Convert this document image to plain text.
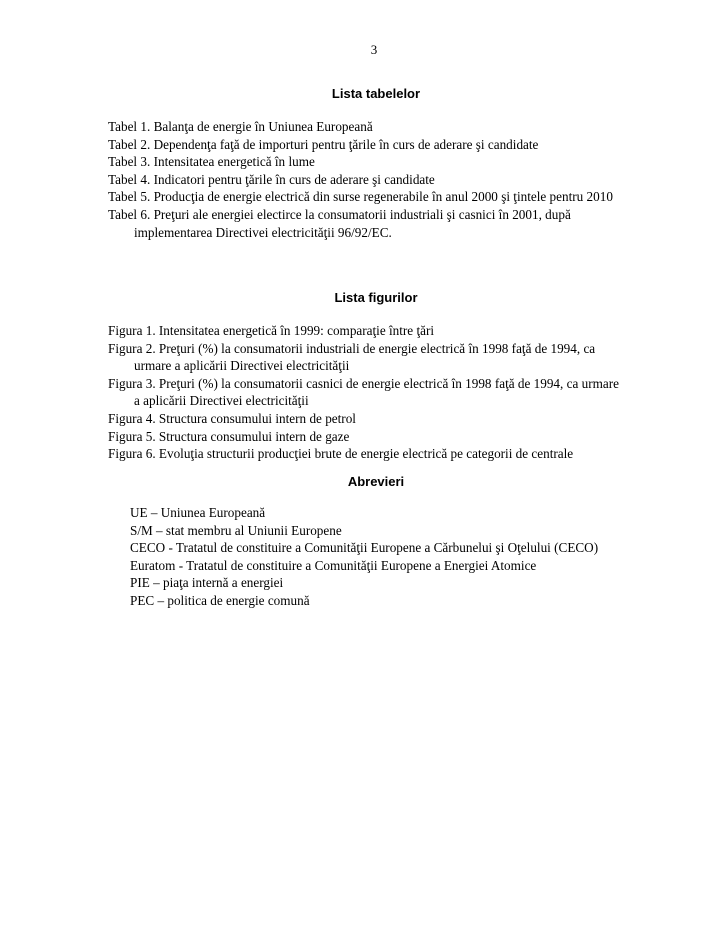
3
Lista tabelelor
Tabel 1. Balanţa de energie în Uniunea Europeană
Tabel 2. Dependenţa faţă de importuri pentru ţările în curs de aderare şi candidate
Tabel 3. Intensitatea energetică în lume
Tabel 4. Indicatori pentru ţările în curs de aderare şi candidate
Tabel 5. Producţia de energie electrică din surse regenerabile în anul 2000 şi ţintele pentru 2010
Tabel 6. Preţuri ale energiei electirce la consumatorii industriali şi casnici în 2001, după implementarea Directivei electricităţii 96/92/EC.
Lista figurilor
Figura 1. Intensitatea energetică în 1999: comparaţie între ţări
Figura 2. Preţuri (%) la consumatorii industriali de energie electrică în 1998 faţă de 1994, ca urmare a aplicării Directivei electricităţii
Figura 3. Preţuri (%) la consumatorii casnici de energie electrică în 1998 faţă de 1994, ca urmare a aplicării Directivei electricităţii
Figura 4. Structura consumului intern de petrol
Figura 5. Structura consumului intern de gaze
Figura 6. Evoluţia structurii producţiei brute de energie electrică pe categorii de centrale
Abrevieri
UE – Uniunea Europeană
S/M – stat membru al Uniunii Europene
CECO - Tratatul de constituire a Comunităţii Europene a Cărbunelui şi Oţelului (CECO)
Euratom - Tratatul de constituire a Comunităţii Europene a Energiei Atomice
PIE – piaţa internă a energiei
PEC – politica de energie comună
